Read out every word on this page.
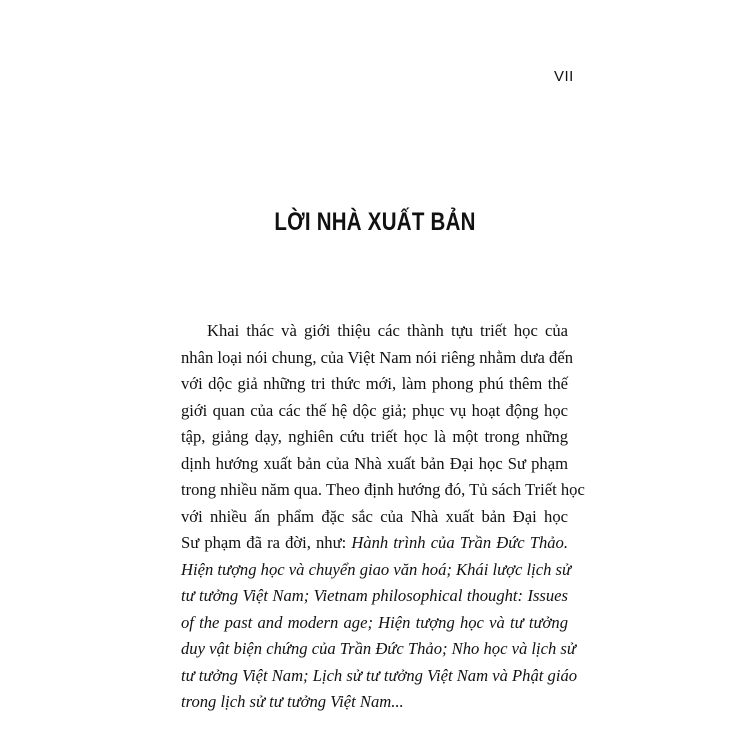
VII
LỜI NHÀ XUẤT BẢN
Khai thác và giới thiệu các thành tựu triết học của
nhân loại nói chung, của Việt Nam nói riêng nhằm dưa đến
với dộc giả những tri thức mới, làm phong phú thêm thế
giới quan của các thế hệ dộc giả; phục vụ hoạt động học
tập, giảng dạy, nghiên cứu triết học là một trong những
dịnh hướng xuất bản của Nhà xuất bản Đại học Sư phạm
trong nhiều năm qua. Theo định hướng đó, Tủ sách Triết học
với nhiều ấn phẩm đặc sắc của Nhà xuất bản Đại học
Sư phạm đã ra đời, như: Hành trình của Trần Đức Thảo.
Hiện tượng học và chuyển giao văn hoá; Khái lược lịch sử
tư tưởng Việt Nam; Vietnam philosophical thought: Issues
of the past and modern age; Hiện tượng học và tư tưởng
duy vật biện chứng của Trần Đức Thảo; Nho học và lịch sử
tư tưởng Việt Nam; Lịch sử tư tưởng Việt Nam và Phật giáo
trong lịch sử tư tưởng Việt Nam...
